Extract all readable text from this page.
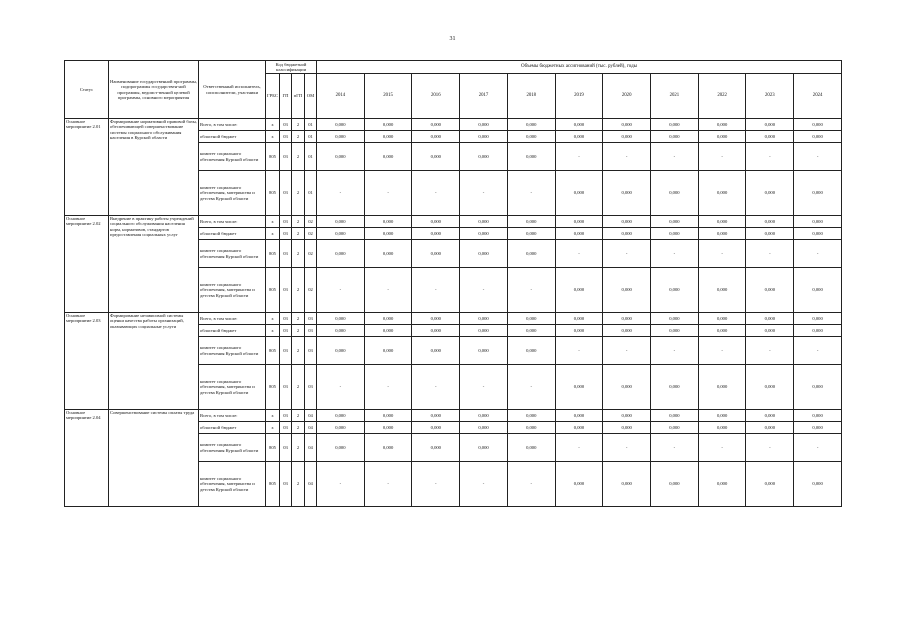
31
Статус	Наименование государственной программы, подпрограммы государствен-ной программы, ведомст-венной целевой программы, основного мероприятия	Ответственный исполнитель, соисполнители, участники	Код бюджетной классификации				Объемы бюджетных ассигнований (тыс. рублей), годы										
			ГРБС	ГП	пГП	ОМ	2014	2015	2016	2017	2018	2019	2020	2021	2022	2023	2024
Основное мероприятие 2.01	Формирование нормативной правовой базы, обеспечивающей совершенствование системы социального обслуживания населения в Курской области	Всего, в том числе:	x	03	2	01	0,000	0,000	0,000	0,000	0,000	0,000	0,000	0,000	0,000	0,000	0,000
		областной бюджет	x	03	2	01	0,000	0,000	0,000	0,000	0,000	0,000	0,000	0,000	0,000	0,000	0,000
		комитет социального обеспечения Курской области	805	03	2	01	0,000	0,000	0,000	0,000	0,000	-	-	-	-	-	-
		комитет социального обеспечения, материнства и детства Курской области	805	03	2	01	-	-	-	-	-	0,000	0,000	0,000	0,000	0,000	0,000
Основное мероприятие 2.02	Внедрение в практику работы учреждений социального обслуживания населения норм, нормативов, стандартов предоставления социальных услуг	Всего, в том числе:	x	03	2	02	0,000	0,000	0,000	0,000	0,000	0,000	0,000	0,000	0,000	0,000	0,000
		областной бюджет	x	03	2	02	0,000	0,000	0,000	0,000	0,000	0,000	0,000	0,000	0,000	0,000	0,000
		комитет социального обеспечения Курской области	805	03	2	02	0,000	0,000	0,000	0,000	0,000	-	-	-	-	-	-
		комитет социального обеспечения, материнства и детства Курской области	805	03	2	02	-	-	-	-	-	0,000	0,000	0,000	0,000	0,000	0,000
Основное мероприятие 2.03	Формирование независимой системы оценки качества работы организаций, оказывающих социальные услуги	Всего, в том числе:	x	03	2	03	0,000	0,000	0,000	0,000	0,000	0,000	0,000	0,000	0,000	0,000	0,000
		областной бюджет	x	03	2	03	0,000	0,000	0,000	0,000	0,000	0,000	0,000	0,000	0,000	0,000	0,000
		комитет социального обеспечения Курской области	805	03	2	03	0,000	0,000	0,000	0,000	0,000	-	-	-	-	-	-
		комитет социального обеспечения, материнства и детства Курской области	805	03	2	03	-	-	-	-	-	0,000	0,000	0,000	0,000	0,000	0,000
Основное мероприятие 2.04	Совершенствование системы оплаты труда	Всего, в том числе:	x	03	2	04	0,000	0,000	0,000	0,000	0,000	0,000	0,000	0,000	0,000	0,000	0,000
		областной бюджет	x	03	2	04	0,000	0,000	0,000	0,000	0,000	0,000	0,000	0,000	0,000	0,000	0,000
		комитет социального обеспечения Курской области	805	03	2	04	0,000	0,000	0,000	0,000	0,000	-	-	-	-	-	-
		комитет социального обеспечения, материнства и детства Курской области	805	03	2	04	-	-	-	-	-	0,000	0,000	0,000	0,000	0,000	0,000
